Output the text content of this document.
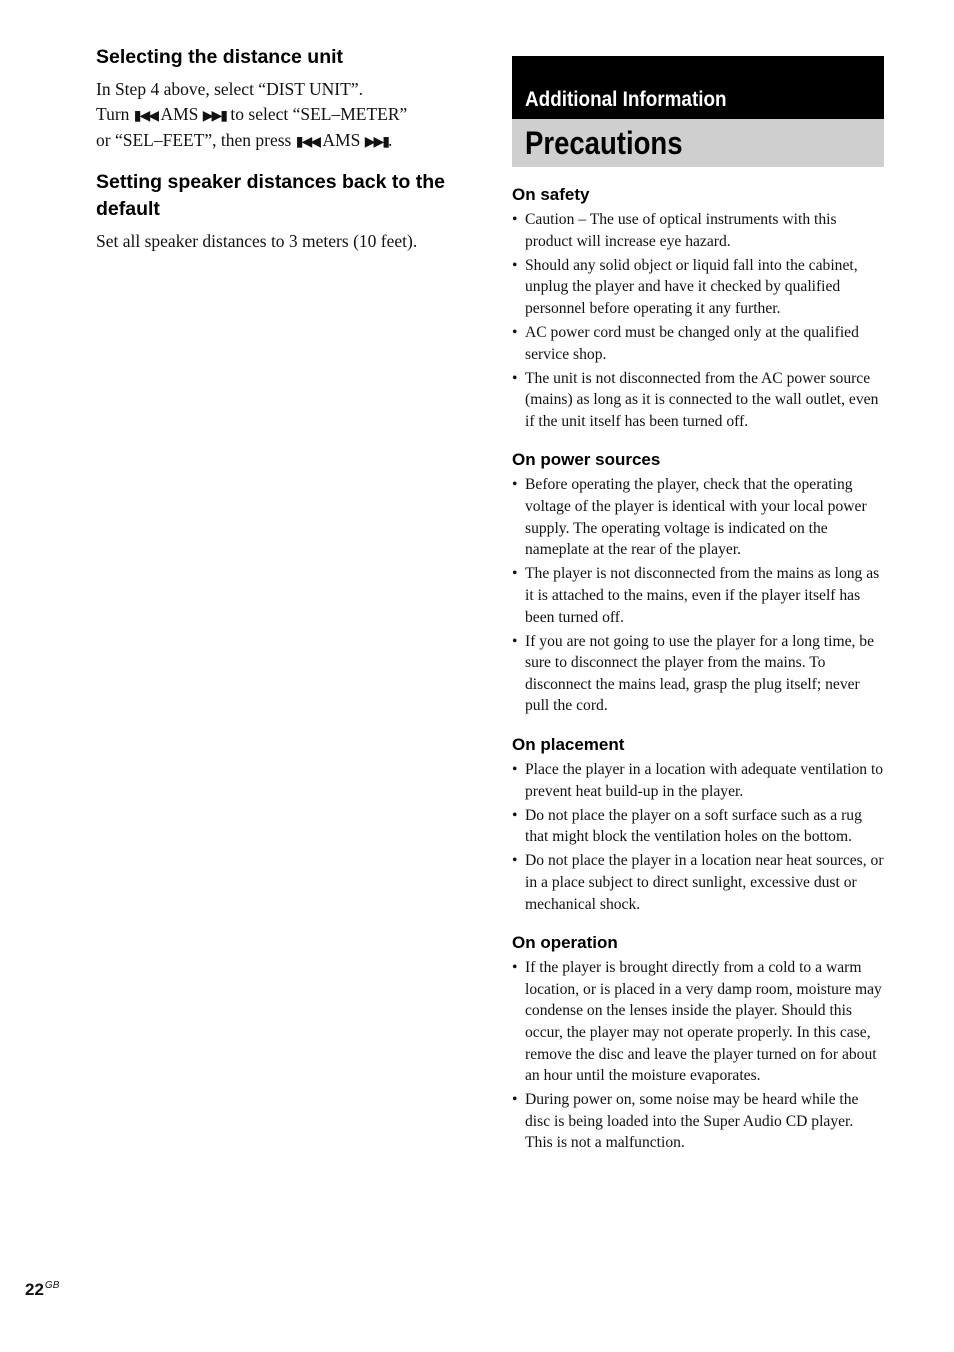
Selecting the distance unit

In Step 4 above, select “DIST UNIT”.
Turn ▮◀◀ AMS ▶▶▮ to select “SEL–METER”
or “SEL–FEET”, then press ▮◀◀ AMS ▶▶▮.

Setting speaker distances back to the default

Set all speaker distances to 3 meters (10 feet).

Additional Information
Precautions
On safety
• Caution – The use of optical instruments with this product will increase eye hazard.
• Should any solid object or liquid fall into the cabinet, unplug the player and have it checked by qualified personnel before operating it any further.
• AC power cord must be changed only at the qualified service shop.
• The unit is not disconnected from the AC power source (mains) as long as it is connected to the wall outlet, even if the unit itself has been turned off.
On power sources
• Before operating the player, check that the operating voltage of the player is identical with your local power supply. The operating voltage is indicated on the nameplate at the rear of the player.
• The player is not disconnected from the mains as long as it is attached to the mains, even if the player itself has been turned off.
• If you are not going to use the player for a long time, be sure to disconnect the player from the mains. To disconnect the mains lead, grasp the plug itself; never pull the cord.
On placement
• Place the player in a location with adequate ventilation to prevent heat build-up in the player.
• Do not place the player on a soft surface such as a rug that might block the ventilation holes on the bottom.
• Do not place the player in a location near heat sources, or in a place subject to direct sunlight, excessive dust or mechanical shock.
On operation
• If the player is brought directly from a cold to a warm location, or is placed in a very damp room, moisture may condense on the lenses inside the player. Should this occur, the player may not operate properly. In this case, remove the disc and leave the player turned on for about an hour until the moisture evaporates.
• During power on, some noise may be heard while the disc is being loaded into the Super Audio CD player. This is not a malfunction.
$22^{GB}$
